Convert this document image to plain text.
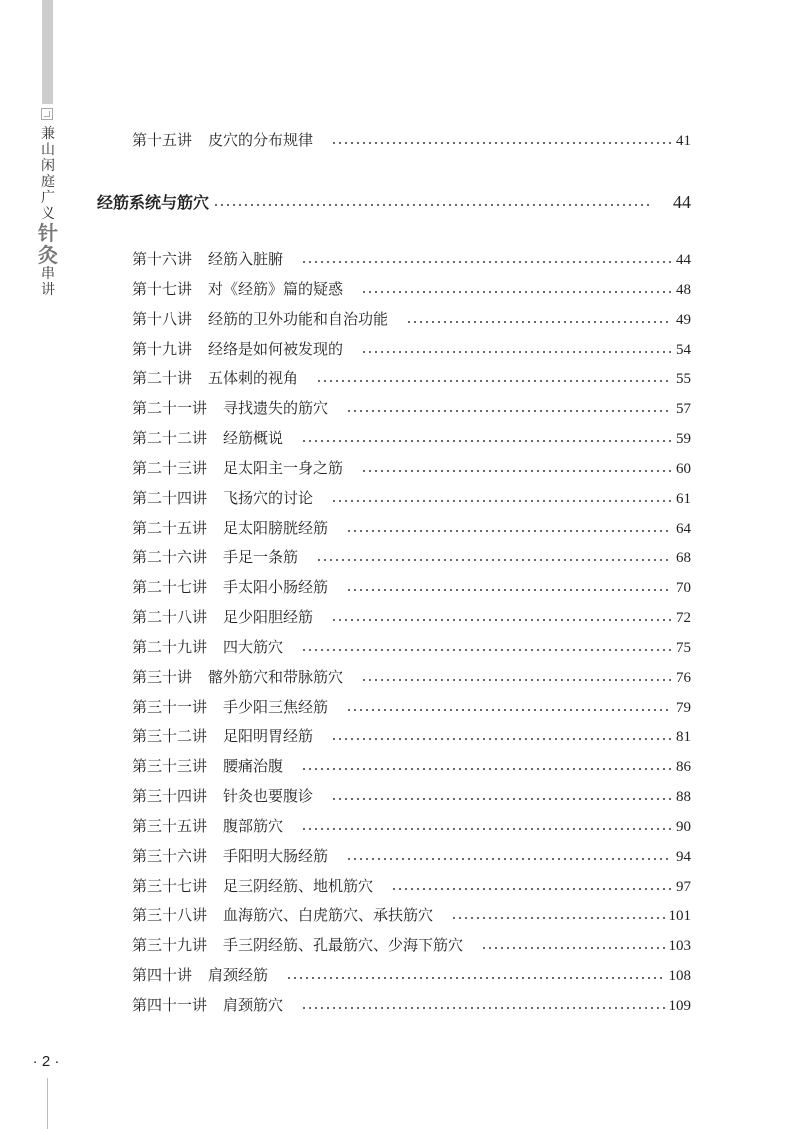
兼
山
闲
庭
广
义
针
灸
串
讲
第十五讲 皮穴的分布规律	41
经筋系统与筋穴	44
第十六讲 经筋入脏腑	44
第十七讲 对《经筋》篇的疑惑	48
第十八讲 经筋的卫外功能和自治功能	49
第十九讲 经络是如何被发现的	54
第二十讲 五体刺的视角	55
第二十一讲 寻找遗失的筋穴	57
第二十二讲 经筋概说	59
第二十三讲 足太阳主一身之筋	60
第二十四讲 飞扬穴的讨论	61
第二十五讲 足太阳膀胱经筋	64
第二十六讲 手足一条筋	68
第二十七讲 手太阳小肠经筋	70
第二十八讲 足少阳胆经筋	72
第二十九讲 四大筋穴	75
第三十讲 髂外筋穴和带脉筋穴	76
第三十一讲 手少阳三焦经筋	79
第三十二讲 足阳明胃经筋	81
第三十三讲 腰痛治腹	86
第三十四讲 针灸也要腹诊	88
第三十五讲 腹部筋穴	90
第三十六讲 手阳明大肠经筋	94
第三十七讲 足三阴经筋、地机筋穴	97
第三十八讲 血海筋穴、白虎筋穴、承扶筋穴	101
第三十九讲 手三阴经筋、孔最筋穴、少海下筋穴	103
第四十讲 肩颈经筋	108
第四十一讲 肩颈筋穴	109
· 2 ·
